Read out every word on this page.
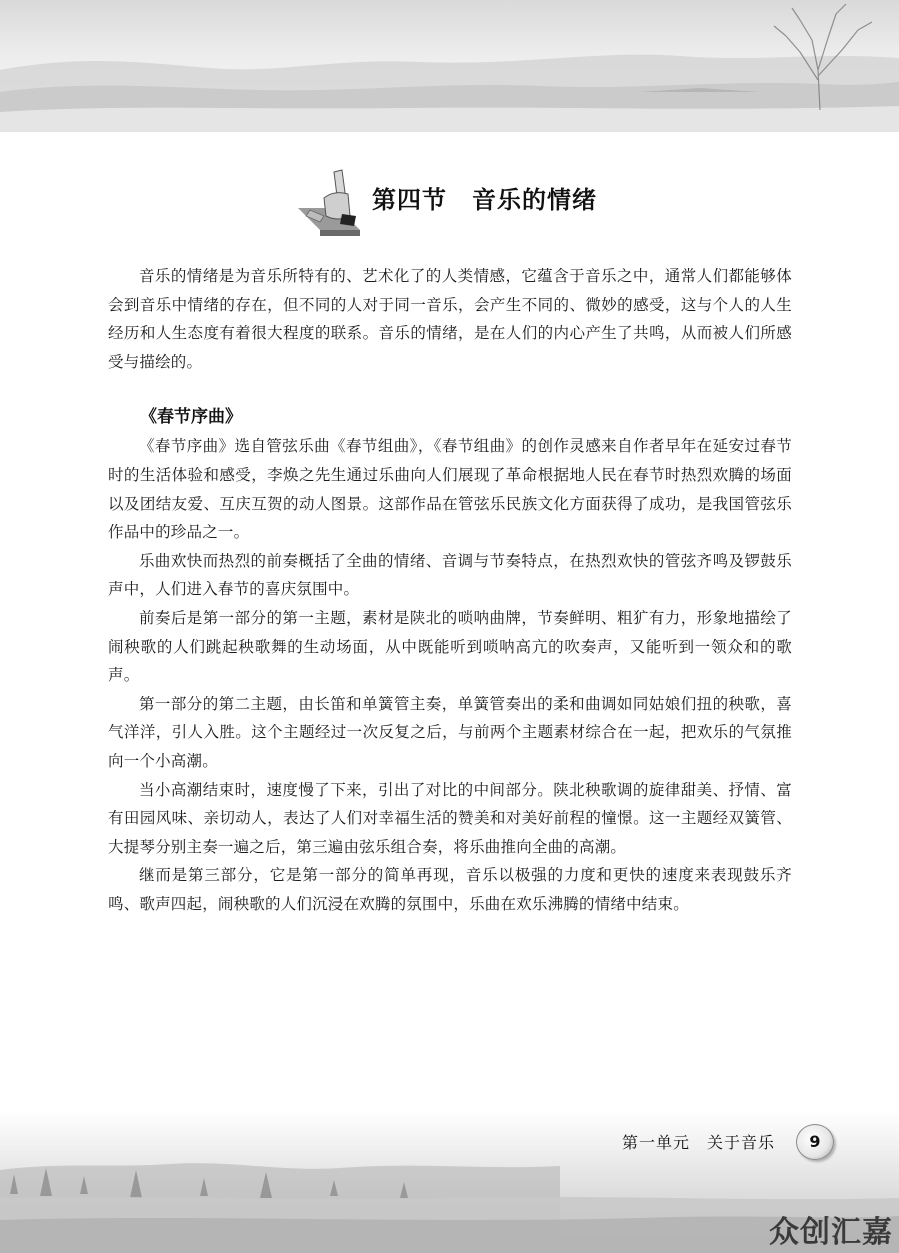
第四节　音乐的情绪

音乐的情绪是为音乐所特有的、艺术化了的人类情感，它蕴含于音乐之中，通常人们都能够体会到音乐中情绪的存在，但不同的人对于同一音乐，会产生不同的、微妙的感受，这与个人的人生经历和人生态度有着很大程度的联系。音乐的情绪，是在人们的内心产生了共鸣，从而被人们所感受与描绘的。

《春节序曲》

《春节序曲》选自管弦乐曲《春节组曲》，《春节组曲》的创作灵感来自作者早年在延安过春节时的生活体验和感受，李焕之先生通过乐曲向人们展现了革命根据地人民在春节时热烈欢腾的场面以及团结友爱、互庆互贺的动人图景。这部作品在管弦乐民族文化方面获得了成功，是我国管弦乐作品中的珍品之一。

乐曲欢快而热烈的前奏概括了全曲的情绪、音调与节奏特点，在热烈欢快的管弦齐鸣及锣鼓乐声中，人们进入春节的喜庆氛围中。

前奏后是第一部分的第一主题，素材是陕北的唢呐曲牌，节奏鲜明、粗犷有力，形象地描绘了闹秧歌的人们跳起秧歌舞的生动场面，从中既能听到唢呐高亢的吹奏声，又能听到一领众和的歌声。

第一部分的第二主题，由长笛和单簧管主奏，单簧管奏出的柔和曲调如同姑娘们扭的秧歌，喜气洋洋，引人入胜。这个主题经过一次反复之后，与前两个主题素材综合在一起，把欢乐的气氛推向一个小高潮。

当小高潮结束时，速度慢了下来，引出了对比的中间部分。陕北秧歌调的旋律甜美、抒情、富有田园风味、亲切动人，表达了人们对幸福生活的赞美和对美好前程的憧憬。这一主题经双簧管、大提琴分别主奏一遍之后，第三遍由弦乐组合奏，将乐曲推向全曲的高潮。

继而是第三部分，它是第一部分的简单再现，音乐以极强的力度和更快的速度来表现鼓乐齐鸣、歌声四起，闹秧歌的人们沉浸在欢腾的氛围中，乐曲在欢乐沸腾的情绪中结束。

第一单元　关于音乐	9
众创汇嘉
